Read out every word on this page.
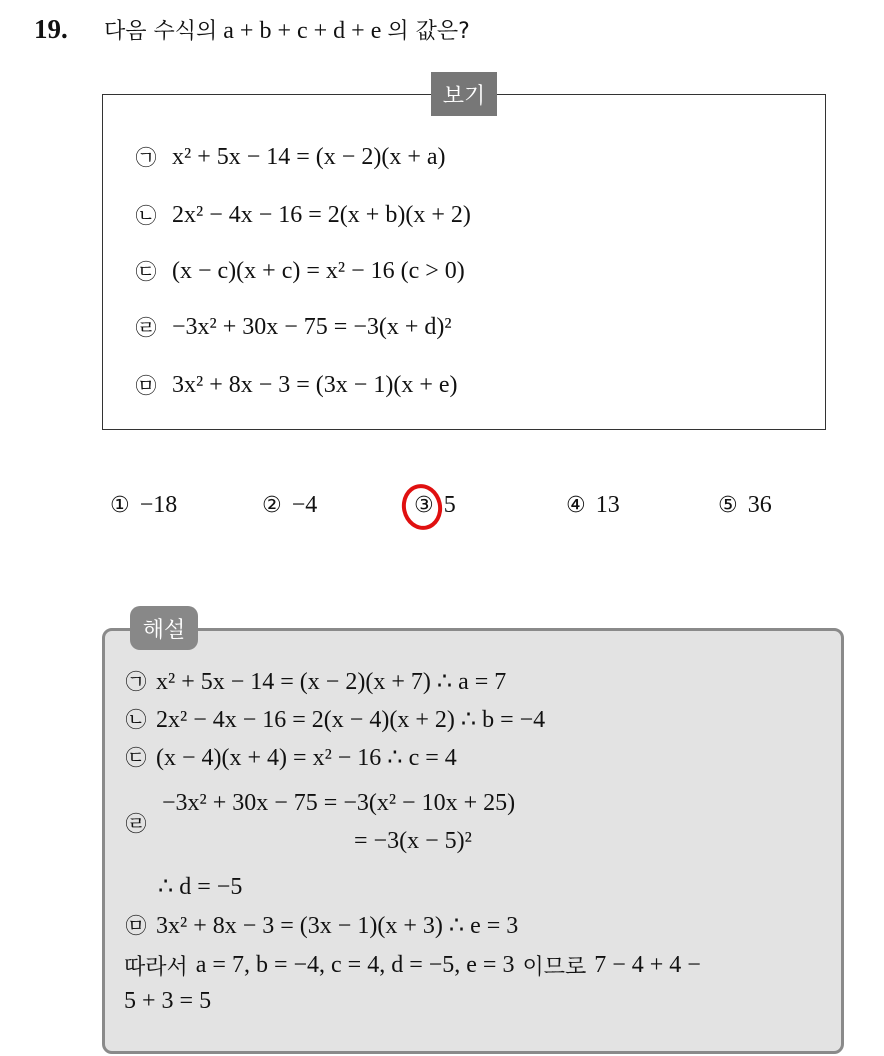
19.	다음 수식의 a + b + c + d + e 의 값은?
보기
㉠ x² + 5x − 14 = (x − 2)(x + a)
㉡ 2x² − 4x − 16 = 2(x + b)(x + 2)
㉢ (x − c)(x + c) = x² − 16 (c > 0)
㉣ −3x² + 30x − 75 = −3(x + d)²
㉤ 3x² + 8x − 3 = (3x − 1)(x + e)
① −18	② −4	③ 5	④ 13	⑤ 36
해설
㉠ x² + 5x − 14 = (x − 2)(x + 7) ∴ a = 7
㉡ 2x² − 4x − 16 = 2(x − 4)(x + 2) ∴ b = −4
㉢ (x − 4)(x + 4) = x² − 16 ∴ c = 4
㉣
−3x² + 30x − 75 = −3(x² − 10x + 25)
= −3(x − 5)²
∴ d = −5
㉤ 3x² + 8x − 3 = (3x − 1)(x + 3) ∴ e = 3
따라서 a = 7, b = −4, c = 4, d = −5, e = 3 이므로 7 − 4 + 4 −
5 + 3 = 5
